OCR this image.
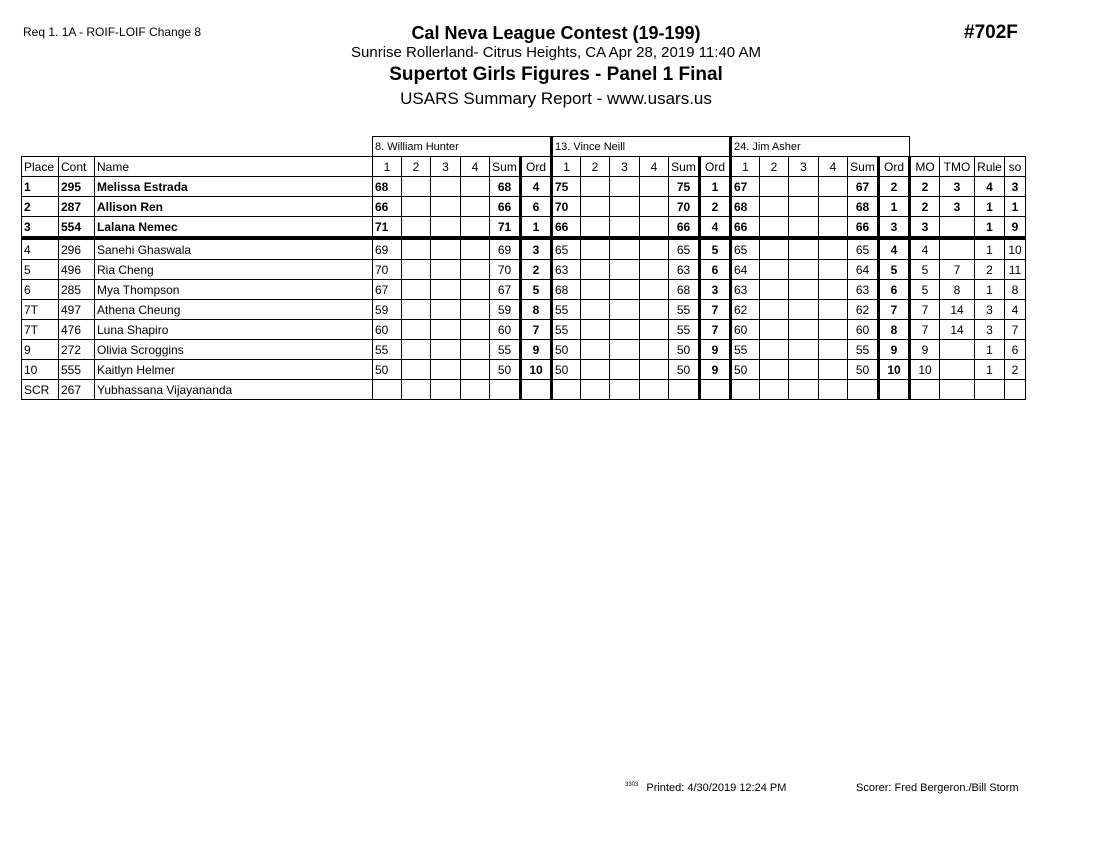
Req 1. 1A - ROIF-LOIF Change 8	#702F
Cal Neva League Contest (19-199)
Sunrise Rollerland- Citrus Heights, CA Apr 28, 2019 11:40 AM
Supertot Girls Figures - Panel 1 Final
USARS Summary Report - www.usars.us
			8. William Hunter						13. Vince Neill						24. Jim Asher									
Place	Cont	Name	1	2	3	4	Sum	Ord	1	2	3	4	Sum	Ord	1	2	3	4	Sum	Ord	MO	TMO	Rule	so
1	295	Melissa Estrada	68				68	4	75				75	1	67				67	2	2	3	4	3
2	287	Allison Ren	66				66	6	70				70	2	68				68	1	2	3	1	1
3	554	Lalana Nemec	71				71	1	66				66	4	66				66	3	3		1	9
4	296	Sanehi Ghaswala	69				69	3	65				65	5	65				65	4	4		1	10
5	496	Ria Cheng	70				70	2	63				63	6	64				64	5	5	7	2	11
6	285	Mya Thompson	67				67	5	68				68	3	63				63	6	5	8	1	8
7T	497	Athena Cheung	59				59	8	55				55	7	62				62	7	7	14	3	4
7T	476	Luna Shapiro	60				60	7	55				55	7	60				60	8	7	14	3	7
9	272	Olivia Scroggins	55				55	9	50				50	9	55				55	9	9		1	6
10	555	Kaitlyn Helmer	50				50	10	50				50	9	50				50	10	10		1	2
SCR	267	Yubhassana Vijayananda																						
$^{3303}$ Printed: 4/30/2019 12:24 PM	Scorer: Fred Bergeron./Bill Storm
